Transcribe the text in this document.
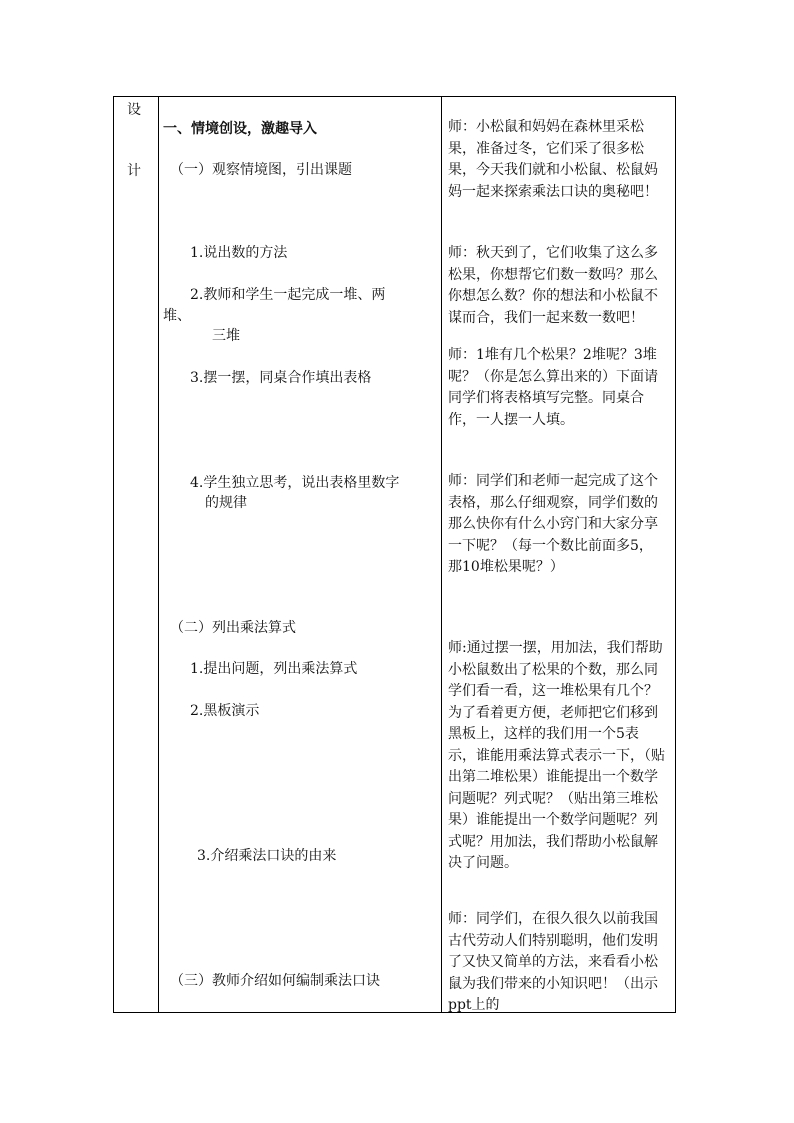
设
计
一、情境创设，激趣导入
（一）观察情境图，引出课题
1.说出数的方法
2.教师和学生一起完成一堆、两
堆、
三堆
3.摆一摆，同桌合作填出表格
4.学生独立思考，说出表格里数字
的规律
（二）列出乘法算式
1.提出问题，列出乘法算式
2.黑板演示
3.介绍乘法口诀的由来
（三）教师介绍如何编制乘法口诀
师：小松鼠和妈妈在森林里采松果，准备过冬，它们采了很多松果，今天我们就和小松鼠、松鼠妈妈一起来探索乘法口诀的奥秘吧！
师：秋天到了，它们收集了这么多松果，你想帮它们数一数吗？那么你想怎么数？你的想法和小松鼠不谋而合，我们一起来数一数吧！
师：1堆有几个松果？2堆呢？3堆呢？（你是怎么算出来的）下面请同学们将表格填写完整。同桌合作，一人摆一人填。
师：同学们和老师一起完成了这个表格，那么仔细观察，同学们数的那么快你有什么小窍门和大家分享一下呢？（每一个数比前面多5，那10堆松果呢？）
师:通过摆一摆，用加法，我们帮助小松鼠数出了松果的个数，那么同学们看一看，这一堆松果有几个？为了看着更方便，老师把它们移到黑板上，这样的我们用一个5表示，谁能用乘法算式表示一下，（贴出第二堆松果）谁能提出一个数学问题呢？列式呢？（贴出第三堆松果）谁能提出一个数学问题呢？列式呢？用加法，我们帮助小松鼠解决了问题。
师：同学们，在很久很久以前我国古代劳动人们特别聪明，他们发明了又快又简单的方法，来看看小松鼠为我们带来的小知识吧！（出示ppt上的
